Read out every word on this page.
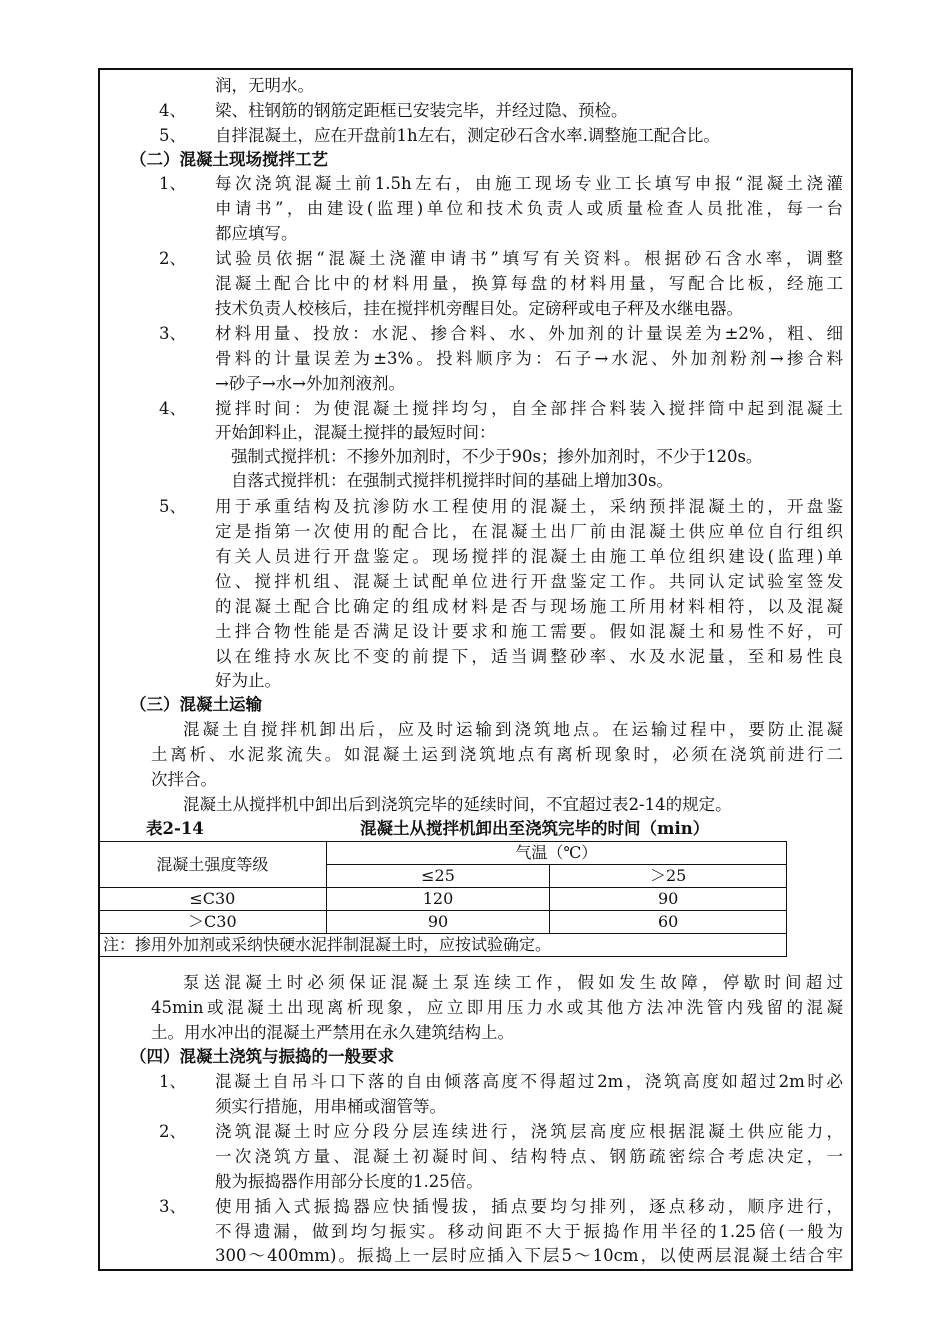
润，无明水。
4、 梁、柱钢筋的钢筋定距框已安装完毕，并经过隐、预检。
5、 自拌混凝土，应在开盘前1h左右，测定砂石含水率.调整施工配合比。
（二）混凝土现场搅拌工艺
1、 每次浇筑混凝土前1.5h左右，由施工现场专业工长填写申报“混凝土浇灌
申请书”，由建设(监理)单位和技术负责人或质量检查人员批准，每一台
都应填写。
2、 试验员依据“混凝土浇灌申请书”填写有关资料。根据砂石含水率，调整
混凝土配合比中的材料用量，换算每盘的材料用量，写配合比板，经施工
技术负责人校核后，挂在搅拌机旁醒目处。定磅秤或电子秤及水继电器。
3、 材料用量、投放：水泥、掺合料、水、外加剂的计量误差为±2%，粗、细
骨料的计量误差为±3%。投料顺序为：石子→水泥、外加剂粉剂→掺合料
→砂子→水→外加剂液剂。
4、 搅拌时间：为使混凝土搅拌均匀，自全部拌合料装入搅拌筒中起到混凝土
开始卸料止，混凝土搅拌的最短时间：
强制式搅拌机：不掺外加剂时，不少于90s；掺外加剂时，不少于120s。
自落式搅拌机：在强制式搅拌机搅拌时间的基础上增加30s。
5、 用于承重结构及抗渗防水工程使用的混凝土，采纳预拌混凝土的，开盘鉴
定是指第一次使用的配合比，在混凝土出厂前由混凝土供应单位自行组织
有关人员进行开盘鉴定。现场搅拌的混凝土由施工单位组织建设(监理)单
位、搅拌机组、混凝土试配单位进行开盘鉴定工作。共同认定试验室签发
的混凝土配合比确定的组成材料是否与现场施工所用材料相符，以及混凝
土拌合物性能是否满足设计要求和施工需要。假如混凝土和易性不好，可
以在维持水灰比不变的前提下，适当调整砂率、水及水泥量，至和易性良
好为止。
（三）混凝土运输
混凝土自搅拌机卸出后，应及时运输到浇筑地点。在运输过程中，要防止混凝
土离析、水泥浆流失。如混凝土运到浇筑地点有离析现象时，必须在浇筑前进行二
次拌合。
混凝土从搅拌机中卸出后到浇筑完毕的延续时间，不宜超过表2-14的规定。
表2-14	混凝土从搅拌机卸出至浇筑完毕的时间（min）
混凝土强度等级	气温（℃）	
	≤25	＞25
≤C30	120	90
＞C30	90	60
注：掺用外加剂或采纳快硬水泥拌制混凝土时，应按试验确定。		
泵送混凝土时必须保证混凝土泵连续工作，假如发生故障，停歇时间超过
45min或混凝土出现离析现象，应立即用压力水或其他方法冲洗管内残留的混凝
土。用水冲出的混凝土严禁用在永久建筑结构上。
（四）混凝土浇筑与振捣的一般要求
1、 混凝土自吊斗口下落的自由倾落高度不得超过2m，浇筑高度如超过2m时必
须实行措施，用串桶或溜管等。
2、 浇筑混凝土时应分段分层连续进行，浇筑层高度应根据混凝土供应能力，
一次浇筑方量、混凝土初凝时间、结构特点、钢筋疏密综合考虑决定，一
般为振捣器作用部分长度的1.25倍。
3、 使用插入式振捣器应快插慢拔，插点要均匀排列，逐点移动，顺序进行，
不得遗漏，做到均匀振实。移动间距不大于振捣作用半径的1.25倍(一般为
300～400mm)。振捣上一层时应插入下层5～10cm，以使两层混凝土结合牢
